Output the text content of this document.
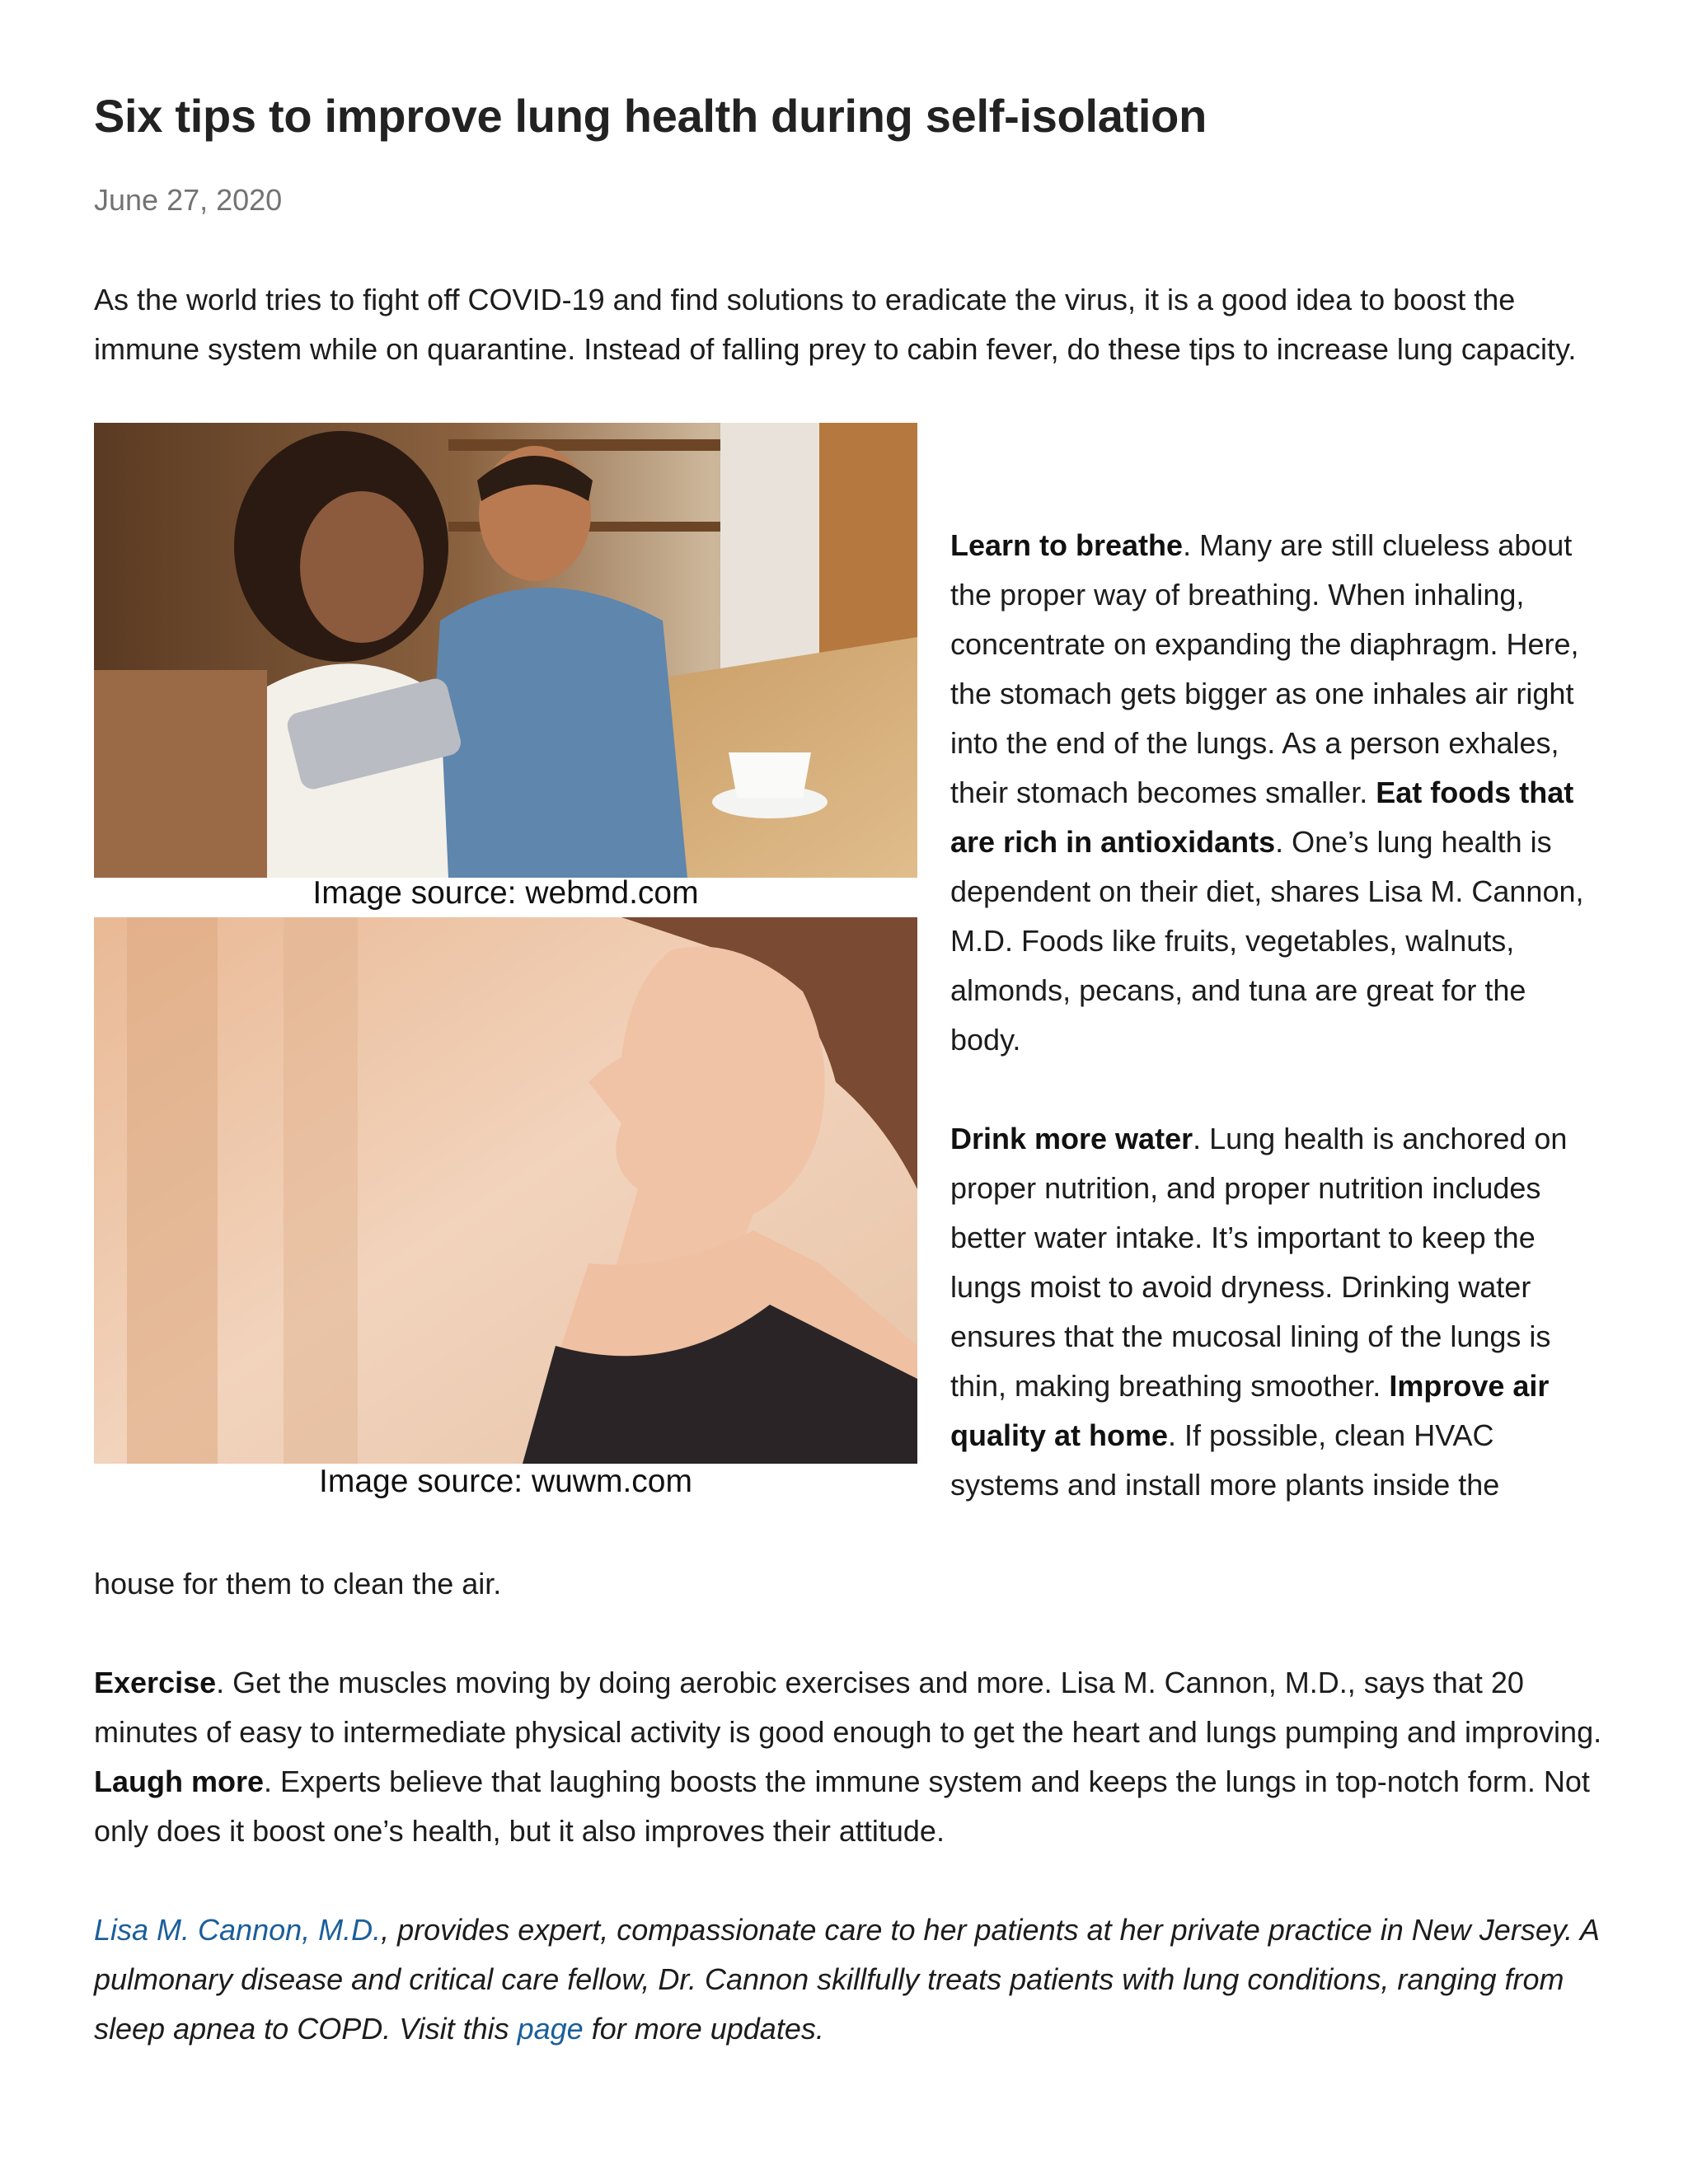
Six tips to improve lung health during self-isolation
June 27, 2020

As the world tries to fight off COVID-19 and find solutions to eradicate the virus, it is a good idea to boost the immune system while on quarantine. Instead of falling prey to cabin fever, do these tips to increase lung capacity.

Image source: webmd.com
Image source: wuwm.com

Learn to breathe. Many are still clueless about the proper way of breathing. When inhaling, concentrate on expanding the diaphragm. Here, the stomach gets bigger as one inhales air right into the end of the lungs. As a person exhales, their stomach becomes smaller. Eat foods that are rich in antioxidants. One’s lung health is dependent on their diet, shares Lisa M. Cannon, M.D. Foods like fruits, vegetables, walnuts, almonds, pecans, and tuna are great for the body.

Drink more water. Lung health is anchored on proper nutrition, and proper nutrition includes better water intake. It’s important to keep the lungs moist to avoid dryness. Drinking water ensures that the mucosal lining of the lungs is thin, making breathing smoother. Improve air quality at home. If possible, clean HVAC systems and install more plants inside the

house for them to clean the air.

Exercise. Get the muscles moving by doing aerobic exercises and more. Lisa M. Cannon, M.D., says that 20 minutes of easy to intermediate physical activity is good enough to get the heart and lungs pumping and improving. Laugh more. Experts believe that laughing boosts the immune system and keeps the lungs in top-notch form. Not only does it boost one’s health, but it also improves their attitude.

Lisa M. Cannon, M.D., provides expert, compassionate care to her patients at her private practice in New Jersey. A pulmonary disease and critical care fellow, Dr. Cannon skillfully treats patients with lung conditions, ranging from sleep apnea to COPD. Visit this page for more updates.
